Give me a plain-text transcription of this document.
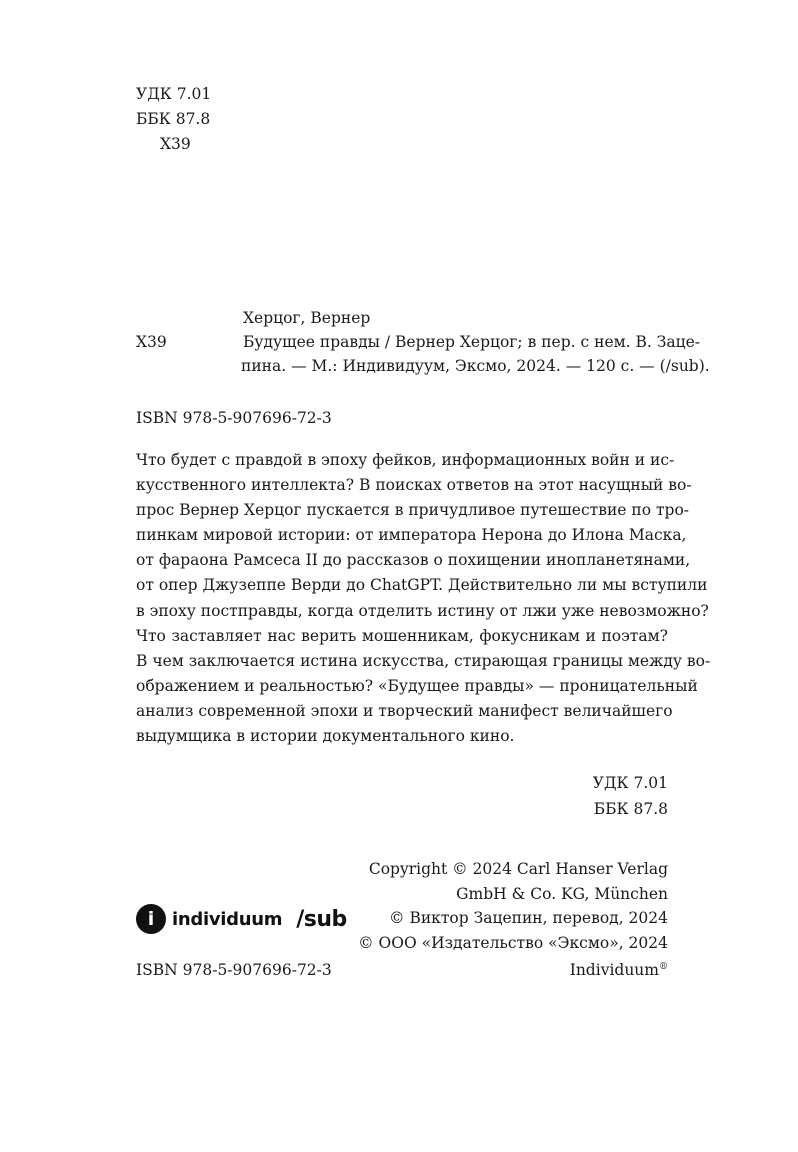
УДК 7.01
ББК 87.8
Х39
Х39
Херцог, Вернер
Будущее правды / Вернер Херцог; в пер. с нем. В. Заце-
пина. — М.: Индивидуум, Эксмо, 2024. — 120 с. — (/sub).
ISBN 978-5-907696-72-3
Что будет с правдой в эпоху фейков, информационных войн и ис-
кусственного интеллекта? В поисках ответов на этот насущный во-
прос Вернер Херцог пускается в причудливое путешествие по тро-
пинкам мировой истории: от императора Нерона до Илона Маска,
от фараона Рамсеса II до рассказов о похищении инопланетянами,
от опер Джузеппе Верди до ChatGPT. Действительно ли мы вступили
в эпоху постправды, когда отделить истину от лжи уже невозможно?
Что заставляет нас верить мошенникам, фокусникам и поэтам?
В чем заключается истина искусства, стирающая границы между во-
ображением и реальностью? «Будущее правды» — проницательный
анализ современной эпохи и творческий манифест величайшего
выдумщика в истории документального кино.
УДК 7.01
ББК 87.8
i individuum /sub
Copyright © 2024 Carl Hanser Verlag
GmbH & Co. KG, München
© Виктор Зацепин, перевод, 2024
© ООО «Издательство «Эксмо», 2024
Individuum®
ISBN 978-5-907696-72-3
